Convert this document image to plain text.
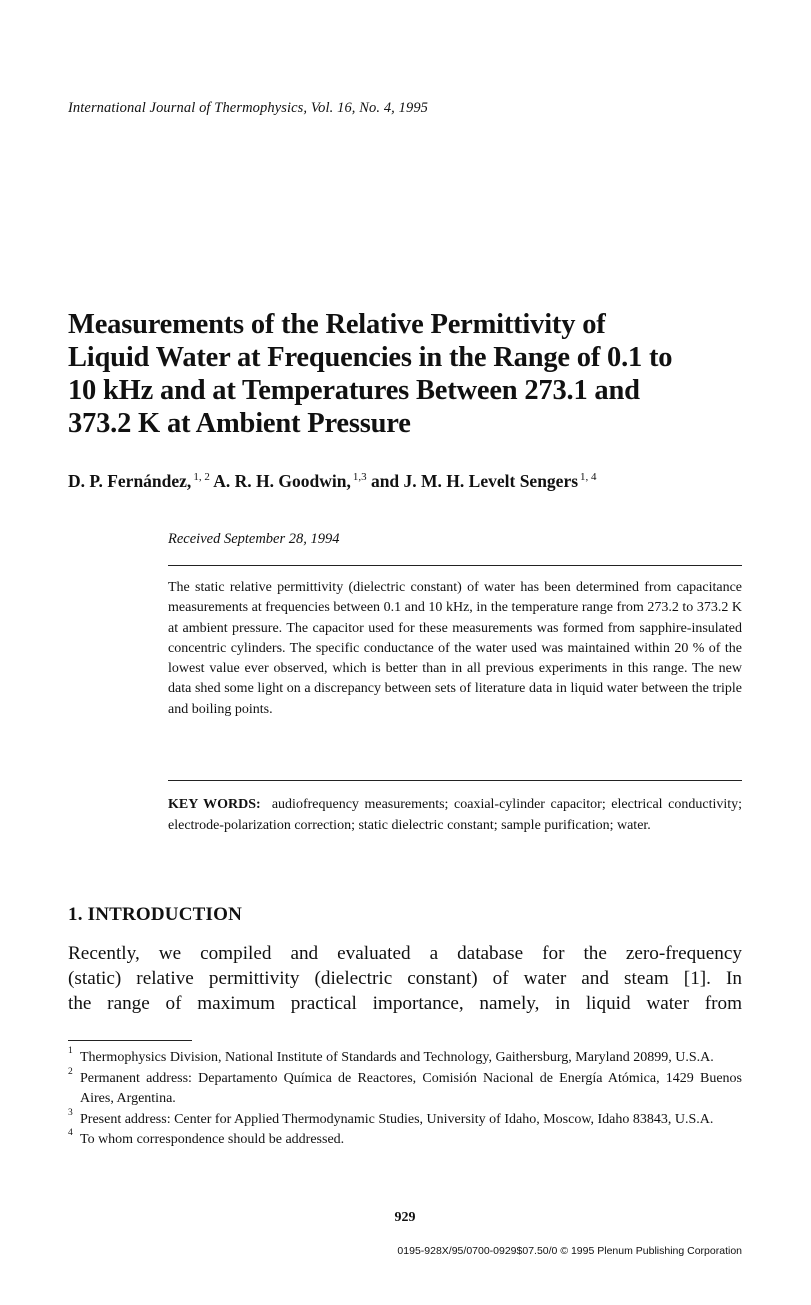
International Journal of Thermophysics, Vol. 16, No. 4, 1995
Measurements of the Relative Permittivity of
Liquid Water at Frequencies in the Range of 0.1 to
10 kHz and at Temperatures Between 273.1 and
373.2 K at Ambient Pressure
D. P. Fernández, $^{1, 2}$ A. R. H. Goodwin, $^{1,3}$ and J. M. H. Levelt Sengers $^{1, 4}$
Received September 28, 1994

The static relative permittivity (dielectric constant) of water has been determined from capacitance measurements at frequencies between 0.1 and 10 kHz, in the temperature range from 273.2 to 373.2 K at ambient pressure. The capacitor used for these measurements was formed from sapphire-insulated concentric cylinders. The specific conductance of the water used was maintained within 20 % of the lowest value ever observed, which is better than in all previous experiments in this range. The new data shed some light on a discrepancy between sets of literature data in liquid water between the triple and boiling points.

KEY WORDS: audiofrequency measurements; coaxial-cylinder capacitor; electrical conductivity; electrode-polarization correction; static dielectric constant; sample purification; water.

1. INTRODUCTION

Recently, we compiled and evaluated a database for the zero-frequency
(static) relative permittivity (dielectric constant) of water and steam [1]. In
the range of maximum practical importance, namely, in liquid water from

1 Thermophysics Division, National Institute of Standards and Technology, Gaithersburg, Maryland 20899, U.S.A.

2 Permanent address: Departamento Química de Reactores, Comisión Nacional de Energía Atómica, 1429 Buenos Aires, Argentina.

3 Present address: Center for Applied Thermodynamic Studies, University of Idaho, Moscow, Idaho 83843, U.S.A.

4 To whom correspondence should be addressed.

929
0195-928X/95/0700-0929$07.50/0 © 1995 Plenum Publishing Corporation
